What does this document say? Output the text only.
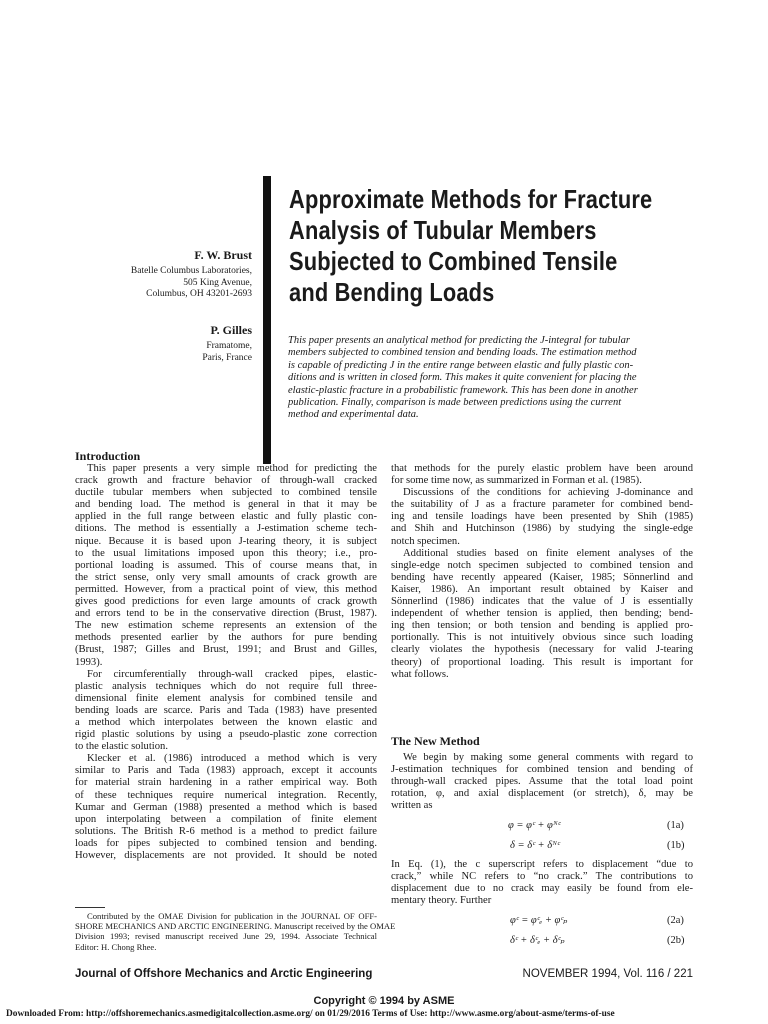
F. W. Brust
Batelle Columbus Laboratories,
505 King Avenue,
Columbus, OH 43201-2693
P. Gilles
Framatome,
Paris, France
Approximate Methods for Fracture
Analysis of Tubular Members
Subjected to Combined Tensile
and Bending Loads
This paper presents an analytical method for predicting the J-integral for tubular
members subjected to combined tension and bending loads. The estimation method
is capable of predicting J in the entire range between elastic and fully plastic con-
ditions and is written in closed form. This makes it quite convenient for placing the
elastic-plastic fracture in a probabilistic framework. This has been done in another
publication. Finally, comparison is made between predictions using the current
method and experimental data.
Introduction
This paper presents a very simple method for predicting the
crack growth and fracture behavior of through-wall cracked
ductile tubular members when subjected to combined tensile
and bending load. The method is general in that it may be
applied in the full range between elastic and fully plastic con-
ditions. The method is essentially a J-estimation scheme tech-
nique. Because it is based upon J-tearing theory, it is subject
to the usual limitations imposed upon this theory; i.e., pro-
portional loading is assumed. This of course means that, in
the strict sense, only very small amounts of crack growth are
permitted. However, from a practical point of view, this method
gives good predictions for even large amounts of crack growth
and errors tend to be in the conservative direction (Brust, 1987).
The new estimation scheme represents an extension of the
methods presented earlier by the authors for pure bending
(Brust, 1987; Gilles and Brust, 1991; and Brust and Gilles,
1993).
For circumferentially through-wall cracked pipes, elastic-
plastic analysis techniques which do not require full three-
dimensional finite element analysis for combined tensile and
bending loads are scarce. Paris and Tada (1983) have presented
a method which interpolates between the known elastic and
rigid plastic solutions by using a pseudo-plastic zone correction
to the elastic solution.
Klecker et al. (1986) introduced a method which is very
similar to Paris and Tada (1983) approach, except it accounts
for material strain hardening in a rather empirical way. Both
of these techniques require numerical integration. Recently,
Kumar and German (1988) presented a method which is based
upon interpolating between a compilation of finite element
solutions. The British R-6 method is a method to predict failure
loads for pipes subjected to combined tension and bending.
However, displacements are not provided. It should be noted
that methods for the purely elastic problem have been around
for some time now, as summarized in Forman et al. (1985).
Discussions of the conditions for achieving J-dominance and
the suitability of J as a fracture parameter for combined bend-
ing and tensile loadings have been presented by Shih (1985)
and Shih and Hutchinson (1986) by studying the single-edge
notch specimen.
Additional studies based on finite element analyses of the
single-edge notch specimen subjected to combined tension and
bending have recently appeared (Kaiser, 1985; Sönnerlind and
Kaiser, 1986). An important result obtained by Kaiser and
Sönnerlind (1986) indicates that the value of J is essentially
independent of whether tension is applied, then bending; bend-
ing then tension; or both tension and bending is applied pro-
portionally. This is not intuitively obvious since such loading
clearly violates the hypothesis (necessary for valid J-tearing
theory) of proportional loading. This result is important for
what follows.
The New Method
We begin by making some general comments with regard to
J-estimation techniques for combined tension and bending of
through-wall cracked pipes. Assume that the total load point
rotation, φ, and axial displacement (or stretch), δ, may be
written as
φ = φᶜ + φᴺᶜ	(1a)
δ = δᶜ + δᴺᶜ	(1b)
In Eq. (1), the c superscript refers to displacement “due to
crack,” while NC refers to “no crack.” The contributions to
displacement due to no crack may easily be found from ele-
mentary theory. Further
φᶜ = φᶜₑ + φᶜₚ	(2a)
δᶜ + δᶜₑ + δᶜₚ	(2b)
Contributed by the OMAE Division for publication in the JOURNAL OF OFF-
SHORE MECHANICS AND ARCTIC ENGINEERING. Manuscript received by the OMAE
Division 1993; revised manuscript received June 29, 1994. Associate Technical
Editor: H. Chong Rhee.
Journal of Offshore Mechanics and Arctic Engineering	NOVEMBER 1994, Vol. 116 / 221
Copyright © 1994 by ASME
Downloaded From: http://offshoremechanics.asmedigitalcollection.asme.org/ on 01/29/2016 Terms of Use: http://www.asme.org/about-asme/terms-of-use
